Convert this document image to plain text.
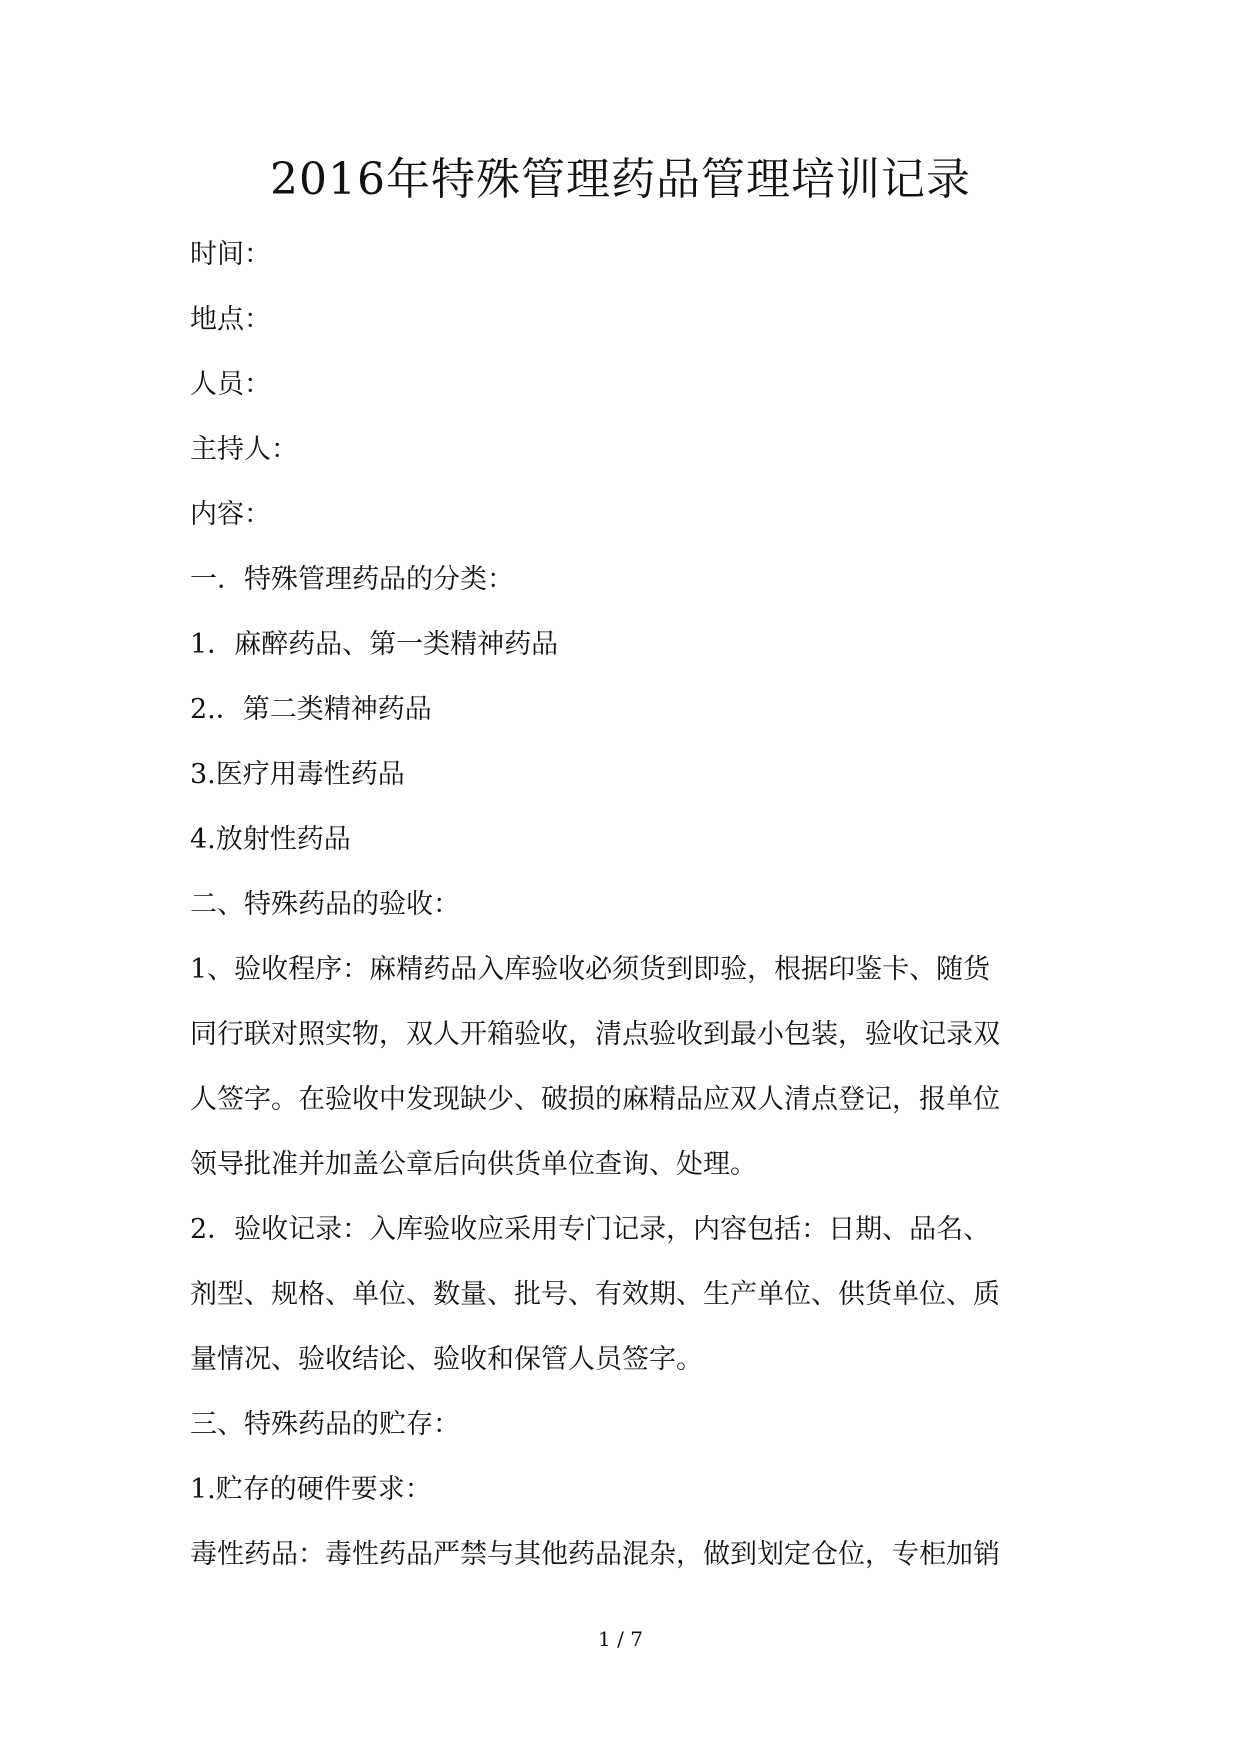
2016年特殊管理药品管理培训记录
时间：
地点：
人员：
主持人：
内容：
一．特殊管理药品的分类：
1．麻醉药品、第一类精神药品
2.．第二类精神药品
3.医疗用毒性药品
4.放射性药品
二、特殊药品的验收：
1、验收程序：麻精药品入库验收必须货到即验，根据印鉴卡、随货
同行联对照实物，双人开箱验收，清点验收到最小包装，验收记录双
人签字。在验收中发现缺少、破损的麻精品应双人清点登记，报单位
领导批准并加盖公章后向供货单位查询、处理。
2．验收记录：入库验收应采用专门记录，内容包括：日期、品名、
剂型、规格、单位、数量、批号、有效期、生产单位、供货单位、质
量情况、验收结论、验收和保管人员签字。
三、特殊药品的贮存：
1.贮存的硬件要求：
毒性药品：毒性药品严禁与其他药品混杂，做到划定仓位，专柜加销
1 / 7
